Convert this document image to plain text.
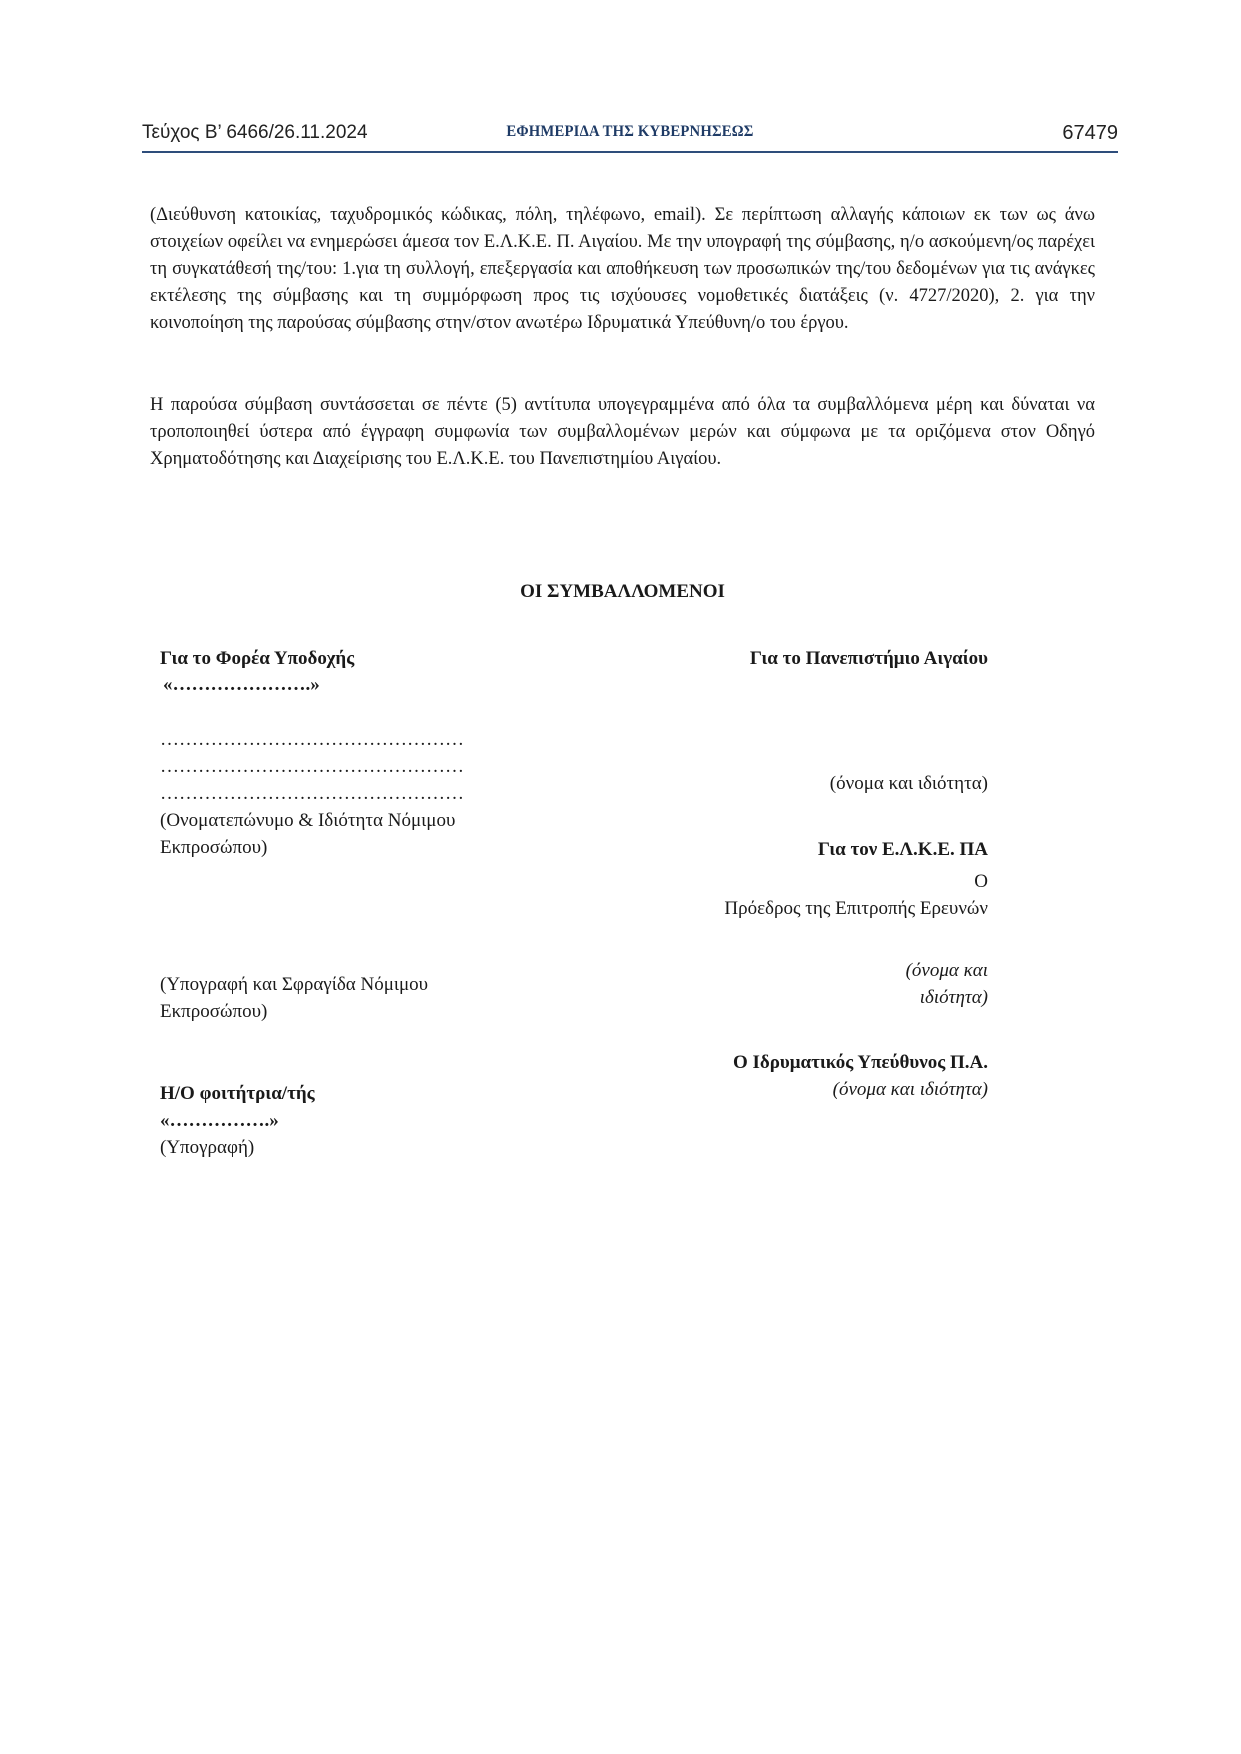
Τεύχος Β’ 6466/26.11.2024	ΕΦΗΜΕΡΙΔΑ ΤΗΣ ΚΥΒΕΡΝΗΣΕΩΣ	67479

(Διεύθυνση κατοικίας, ταχυδρομικός κώδικας, πόλη, τηλέφωνο, email). Σε περίπτωση αλλαγής κάποιων εκ των ως άνω στοιχείων οφείλει να ενημερώσει άμεσα τον Ε.Λ.Κ.Ε. Π. Αιγαίου. Με την υπογραφή της σύμβασης, η/ο ασκούμενη/ος παρέχει τη συγκατάθεσή της/του: 1.για τη συλλογή, επεξεργασία και αποθήκευση των προσωπικών της/του δεδομένων για τις ανάγκες εκτέλεσης της σύμβασης και τη συμμόρφωση προς τις ισχύουσες νομοθετικές διατάξεις (ν. 4727/2020), 2. για την κοινοποίηση της παρούσας σύμβασης στην/στον ανωτέρω Ιδρυματικά Υπεύθυνη/ο του έργου.

Η παρούσα σύμβαση συντάσσεται σε πέντε (5) αντίτυπα υπογεγραμμένα από όλα τα συμβαλλόμενα μέρη και δύναται να τροποποιηθεί ύστερα από έγγραφη συμφωνία των συμβαλλομένων μερών και σύμφωνα με τα οριζόμενα στον Οδηγό Χρηματοδότησης και Διαχείρισης του Ε.Λ.Κ.Ε. του Πανεπιστημίου Αιγαίου.

ΟΙ ΣΥΜΒΑΛΛΟΜΕΝΟΙ
Για το Φορέα Υποδοχής
«………………….»
…………………………………………
…………………………………………
…………………………………………
(Ονοματεπώνυμο & Ιδιότητα Νόμιμου
Εκπροσώπου)
(Υπογραφή και Σφραγίδα Νόμιμου
Εκπροσώπου)
Η/Ο φοιτήτρια/τής
«…………….»
(Υπογραφή)
Για το Πανεπιστήμιο Αιγαίου
(όνομα και ιδιότητα)
Για τον Ε.Λ.Κ.Ε. ΠΑ
Ο
Πρόεδρος της Επιτροπής Ερευνών
(όνομα και
ιδιότητα)
Ο Ιδρυματικός Υπεύθυνος Π.Α.
(όνομα και ιδιότητα)
